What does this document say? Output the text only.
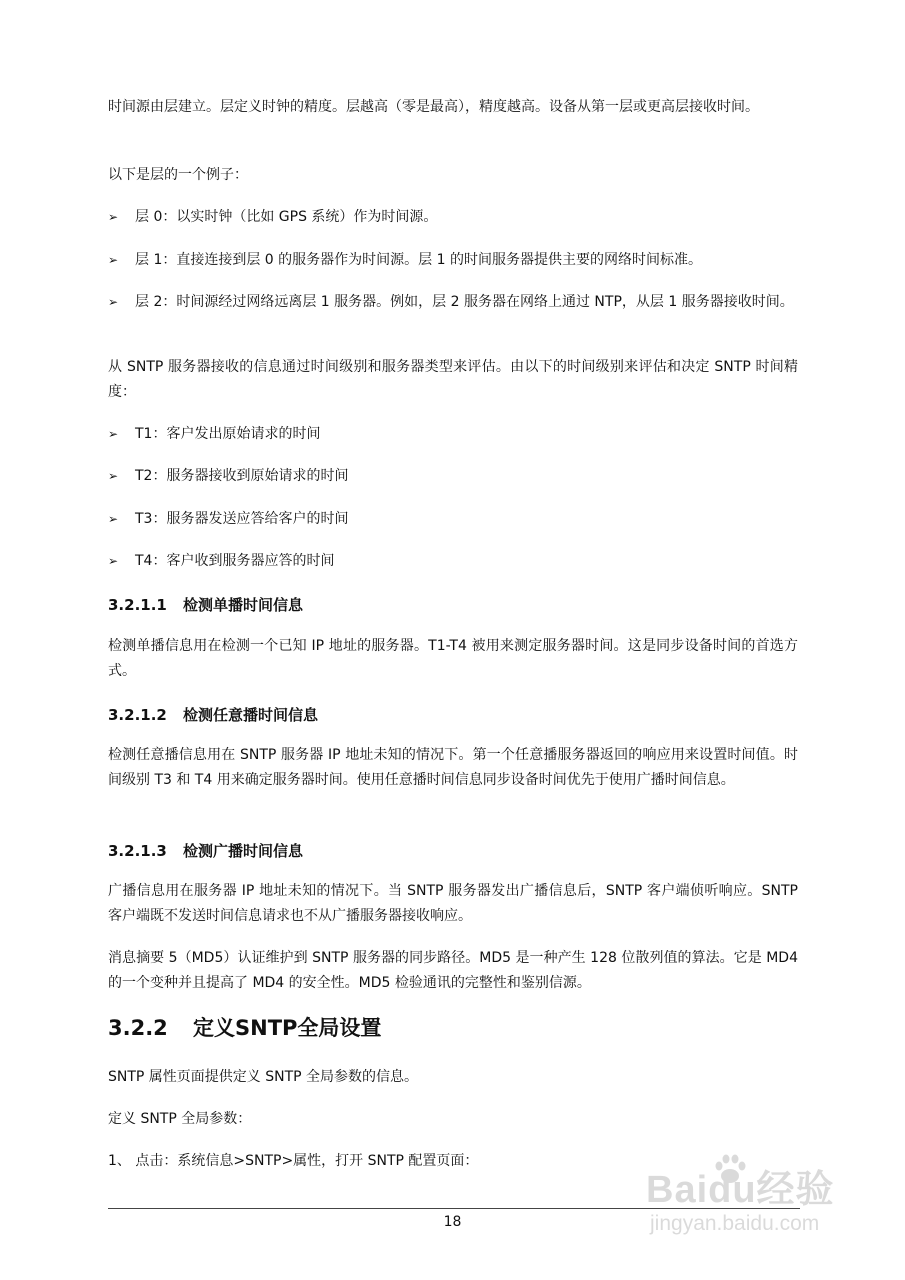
时间源由层建立。层定义时钟的精度。层越高（零是最高），精度越高。设备从第一层或更高层接收时间。
以下是层的一个例子：
➢ 层 0：以实时钟（比如 GPS 系统）作为时间源。
➢ 层 1：直接连接到层 0 的服务器作为时间源。层 1 的时间服务器提供主要的网络时间标准。
➢ 层 2：时间源经过网络远离层 1 服务器。例如，层 2 服务器在网络上通过 NTP，从层 1 服务器接收时间。
从 SNTP 服务器接收的信息通过时间级别和服务器类型来评估。由以下的时间级别来评估和决定 SNTP 时间精度：
➢ T1：客户发出原始请求的时间
➢ T2：服务器接收到原始请求的时间
➢ T3：服务器发送应答给客户的时间
➢ T4：客户收到服务器应答的时间
3.2.1.1 检测单播时间信息
检测单播信息用在检测一个已知 IP 地址的服务器。T1-T4 被用来测定服务器时间。这是同步设备时间的首选方式。
3.2.1.2 检测任意播时间信息
检测任意播信息用在 SNTP 服务器 IP 地址未知的情况下。第一个任意播服务器返回的响应用来设置时间值。时间级别 T3 和 T4 用来确定服务器时间。使用任意播时间信息同步设备时间优先于使用广播时间信息。
3.2.1.3 检测广播时间信息
广播信息用在服务器 IP 地址未知的情况下。当 SNTP 服务器发出广播信息后，SNTP 客户端侦听响应。SNTP 客户端既不发送时间信息请求也不从广播服务器接收响应。
消息摘要 5（MD5）认证维护到 SNTP 服务器的同步路径。MD5 是一种产生 128 位散列值的算法。它是 MD4 的一个变种并且提高了 MD4 的安全性。MD5 检验通讯的完整性和鉴别信源。
3.2.2 定义SNTP全局设置
SNTP 属性页面提供定义 SNTP 全局参数的信息。
定义 SNTP 全局参数：
1、 点击：系统信息>SNTP>属性，打开 SNTP 配置页面：
18
Baidu经验
jingyan.baidu.com
